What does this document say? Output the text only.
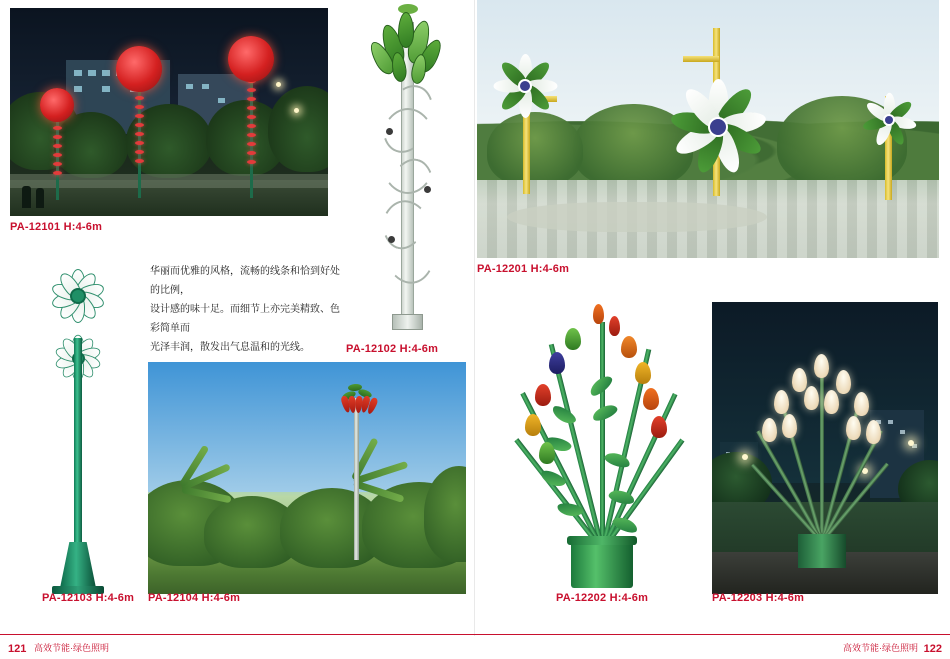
PA-12101 H:4-6m
PA-12102 H:4-6m
PA-12201 H:4-6m
PA-12103 H:4-6m

华丽而优雅的风格，流畅的线条和恰到好处的比例，

设计感的味十足。而细节上亦完美精致、色彩简单而

光泽丰润，散发出气息温和的光线。

PA-12104 H:4-6m	PA-12202 H:4-6m	PA-12203 H:4-6m
121 高效节能·绿色照明	高效节能·绿色照明 122
